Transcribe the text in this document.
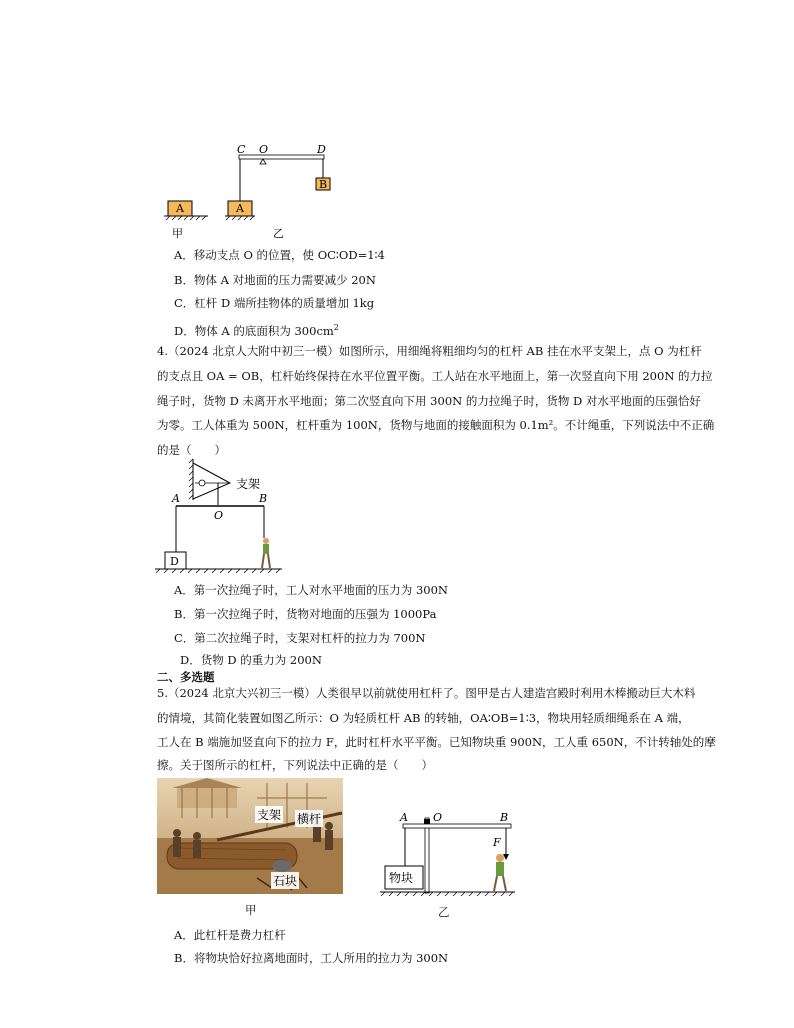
A	A
B
C O	D
甲	乙
A．移动支点 O 的位置，使 OC∶OD=1∶4
B．物体 A 对地面的压力需要减少 20N
C．杠杆 D 端所挂物体的质量增加 1kg
D．物体 A 的底面积为 $300cm^2$
4.（2024 北京人大附中初三一模）如图所示，用细绳将粗细均匀的杠杆 AB 挂在水平支架上，点 O 为杠杆
的支点且 OA = OB，杠杆始终保持在水平位置平衡。工人站在水平地面上，第一次竖直向下用 200N 的力拉
绳子时，货物 D 未离开水平地面；第二次竖直向下用 300N 的力拉绳子时，货物 D 对水平地面的压强恰好
为零。工人体重为 500N，杠杆重为 100N，货物与地面的接触面积为 0.1m²。不计绳重，下列说法中不正确
的是（　　）
支架
D
A	B
O
A．第一次拉绳子时，工人对水平地面的压力为 300N
B．第一次拉绳子时，货物对地面的压强为 1000Pa
C．第二次拉绳子时，支架对杠杆的拉力为 700N
D．货物 D 的重力为 200N
二、多选题
5.（2024 北京大兴初三一模）人类很早以前就使用杠杆了。图甲是古人建造宫殿时利用木棒搬动巨大木料
的情境，其简化装置如图乙所示：O 为轻质杠杆 AB 的转轴，OA∶OB=1∶3，物块用轻质细绳系在 A 端，
工人在 B 端施加竖直向下的拉力 F，此时杠杆水平平衡。已知物块重 900N，工人重 650N，不计转轴处的摩
擦。关于图所示的杠杆，下列说法中正确的是（　　）
支架 横杆
石块
甲
物块
A O	B
F
乙
A．此杠杆是费力杠杆
B．将物块恰好拉离地面时，工人所用的拉力为 300N
